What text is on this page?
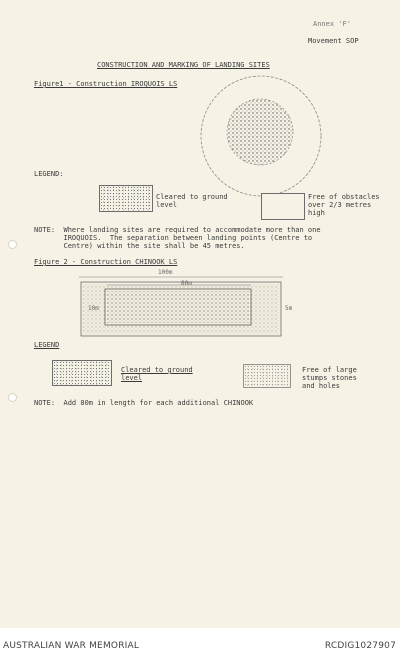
Annex 'F'
Movement SOP
CONSTRUCTION AND MARKING OF LANDING SITES
Figure1 - Construction IROQUOIS LS
LEGEND:
Cleared to ground
level
Free of obstacles
over 2/3 metres
high
NOTE:  Where landing sites are required to accommodate more than one
IROQUOIS.  The separation between landing points (Centre to
Centre) within the site shall be 45 metres.
Figure 2 - Construction CHINOOK LS
100m
80m
10m	5m
LEGEND
Cleared to ground
level
Free of large
stumps stones
and holes
NOTE:  Add 80m in length for each additional CHINOOK
AUSTRALIAN WAR MEMORIAL	RCDIG1027907
